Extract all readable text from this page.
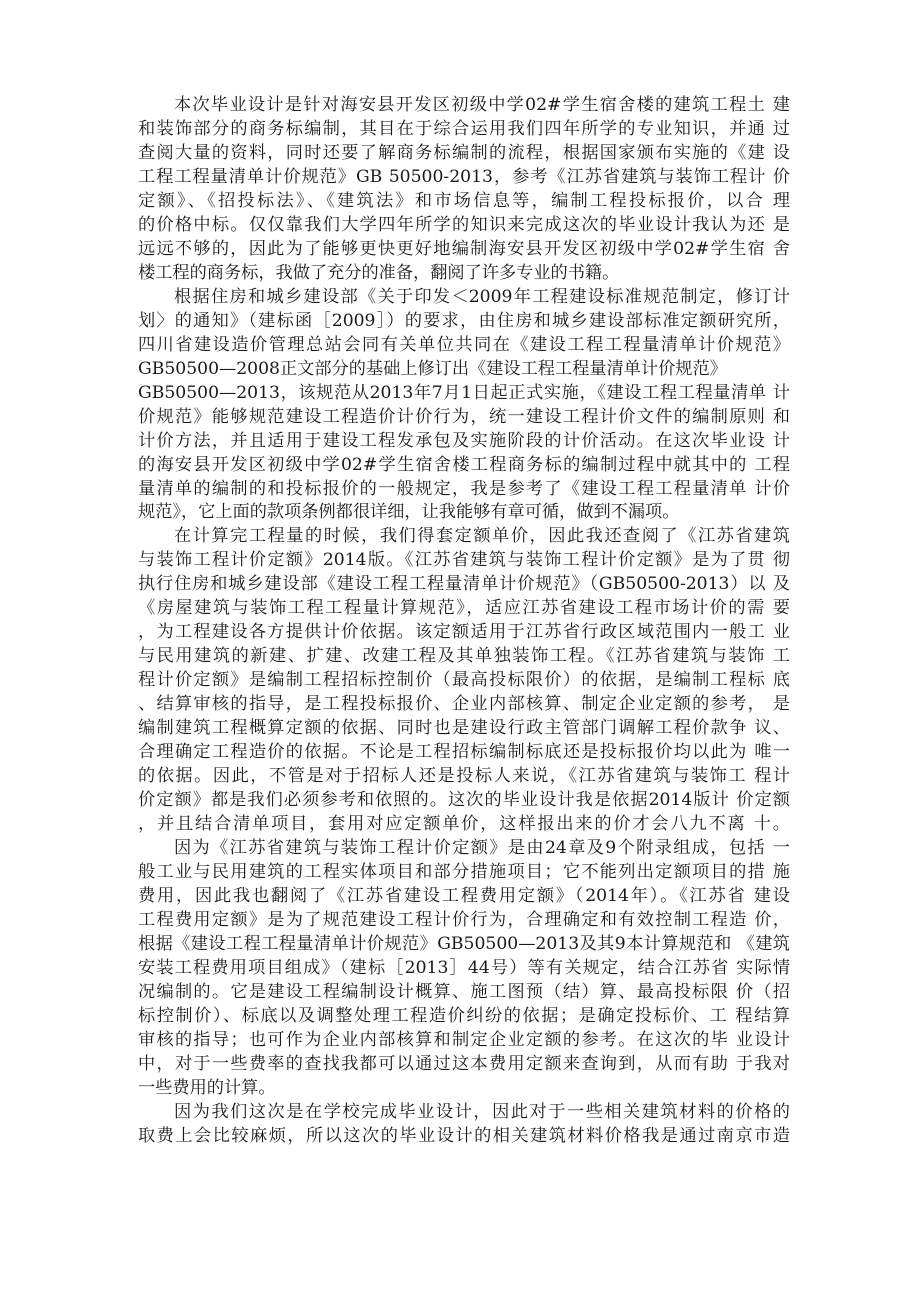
本次毕业设计是针对海安县开发区初级中学02#学生宿舍楼的建筑工程土 建
和装饰部分的商务标编制，其目在于综合运用我们四年所学的专业知识，并通 过
查阅大量的资料，同时还要了解商务标编制的流程，根据国家颁布实施的《建 设
工程工程量清单计价规范》GB 50500-2013，参考《江苏省建筑与装饰工程计 价
定额》、《招投标法》、《建筑法》和市场信息等，编制工程投标报价，以合 理
的价格中标。仅仅靠我们大学四年所学的知识来完成这次的毕业设计我认为还 是
远远不够的，因此为了能够更快更好地编制海安县开发区初级中学02#学生宿 舍
楼工程的商务标，我做了充分的准备，翻阅了许多专业的书籍。
根据住房和城乡建设部《关于印发＜2009年工程建设标准规范制定，修订计
划〉的通知》（建标函［2009］）的要求，由住房和城乡建设部标准定额研究所，
四川省建设造价管理总站会同有关单位共同在《建设工程工程量清单计价规范》
GB50500—2008正文部分的基础上修订出《建设工程工程量清单计价规范》
GB50500—2013，该规范从2013年7月1日起正式实施，《建设工程工程量清单 计
价规范》能够规范建设工程造价计价行为，统一建设工程计价文件的编制原则 和
计价方法，并且适用于建设工程发承包及实施阶段的计价活动。在这次毕业设 计
的海安县开发区初级中学02#学生宿舍楼工程商务标的编制过程中就其中的 工程
量清单的编制的和投标报价的一般规定，我是参考了《建设工程工程量清单 计价
规范》，它上面的款项条例都很详细，让我能够有章可循，做到不漏项。
在计算完工程量的时候，我们得套定额单价，因此我还查阅了《江苏省建筑
与装饰工程计价定额》2014版。《江苏省建筑与装饰工程计价定额》是为了贯 彻
执行住房和城乡建设部《建设工程工程量清单计价规范》（GB50500-2013）以 及
《房屋建筑与装饰工程工程量计算规范》，适应江苏省建设工程市场计价的需 要
，为工程建设各方提供计价依据。该定额适用于江苏省行政区域范围内一般工 业
与民用建筑的新建、扩建、改建工程及其单独装饰工程。《江苏省建筑与装饰 工
程计价定额》是编制工程招标控制价（最高投标限价）的依据，是编制工程标 底
、结算审核的指导，是工程投标报价、企业内部核算、制定企业定额的参考， 是
编制建筑工程概算定额的依据、同时也是建设行政主管部门调解工程价款争 议、
合理确定工程造价的依据。不论是工程招标编制标底还是投标报价均以此为 唯一
的依据。因此，不管是对于招标人还是投标人来说，《江苏省建筑与装饰工 程计
价定额》都是我们必须参考和依照的。这次的毕业设计我是依据2014版计 价定额
，并且结合清单项目，套用对应定额单价，这样报出来的价才会八九不离 十。
因为《江苏省建筑与装饰工程计价定额》是由24章及9个附录组成，包括 一
般工业与民用建筑的工程实体项目和部分措施项目；它不能列出定额项目的措 施
费用，因此我也翻阅了《江苏省建设工程费用定额》（2014年）。《江苏省 建设
工程费用定额》是为了规范建设工程计价行为，合理确定和有效控制工程造 价，
根据《建设工程工程量清单计价规范》GB50500—2013及其9本计算规范和 《建筑
安装工程费用项目组成》（建标［2013］44号）等有关规定，结合江苏省 实际情
况编制的。它是建设工程编制设计概算、施工图预（结）算、最高投标限 价（招
标控制价）、标底以及调整处理工程造价纠纷的依据；是确定投标价、工 程结算
审核的指导；也可作为企业内部核算和制定企业定额的参考。在这次的毕 业设计
中，对于一些费率的查找我都可以通过这本费用定额来查询到，从而有助 于我对
一些费用的计算。
因为我们这次是在学校完成毕业设计，因此对于一些相关建筑材料的价格的
取费上会比较麻烦，所以这次的毕业设计的相关建筑材料价格我是通过南京市造
